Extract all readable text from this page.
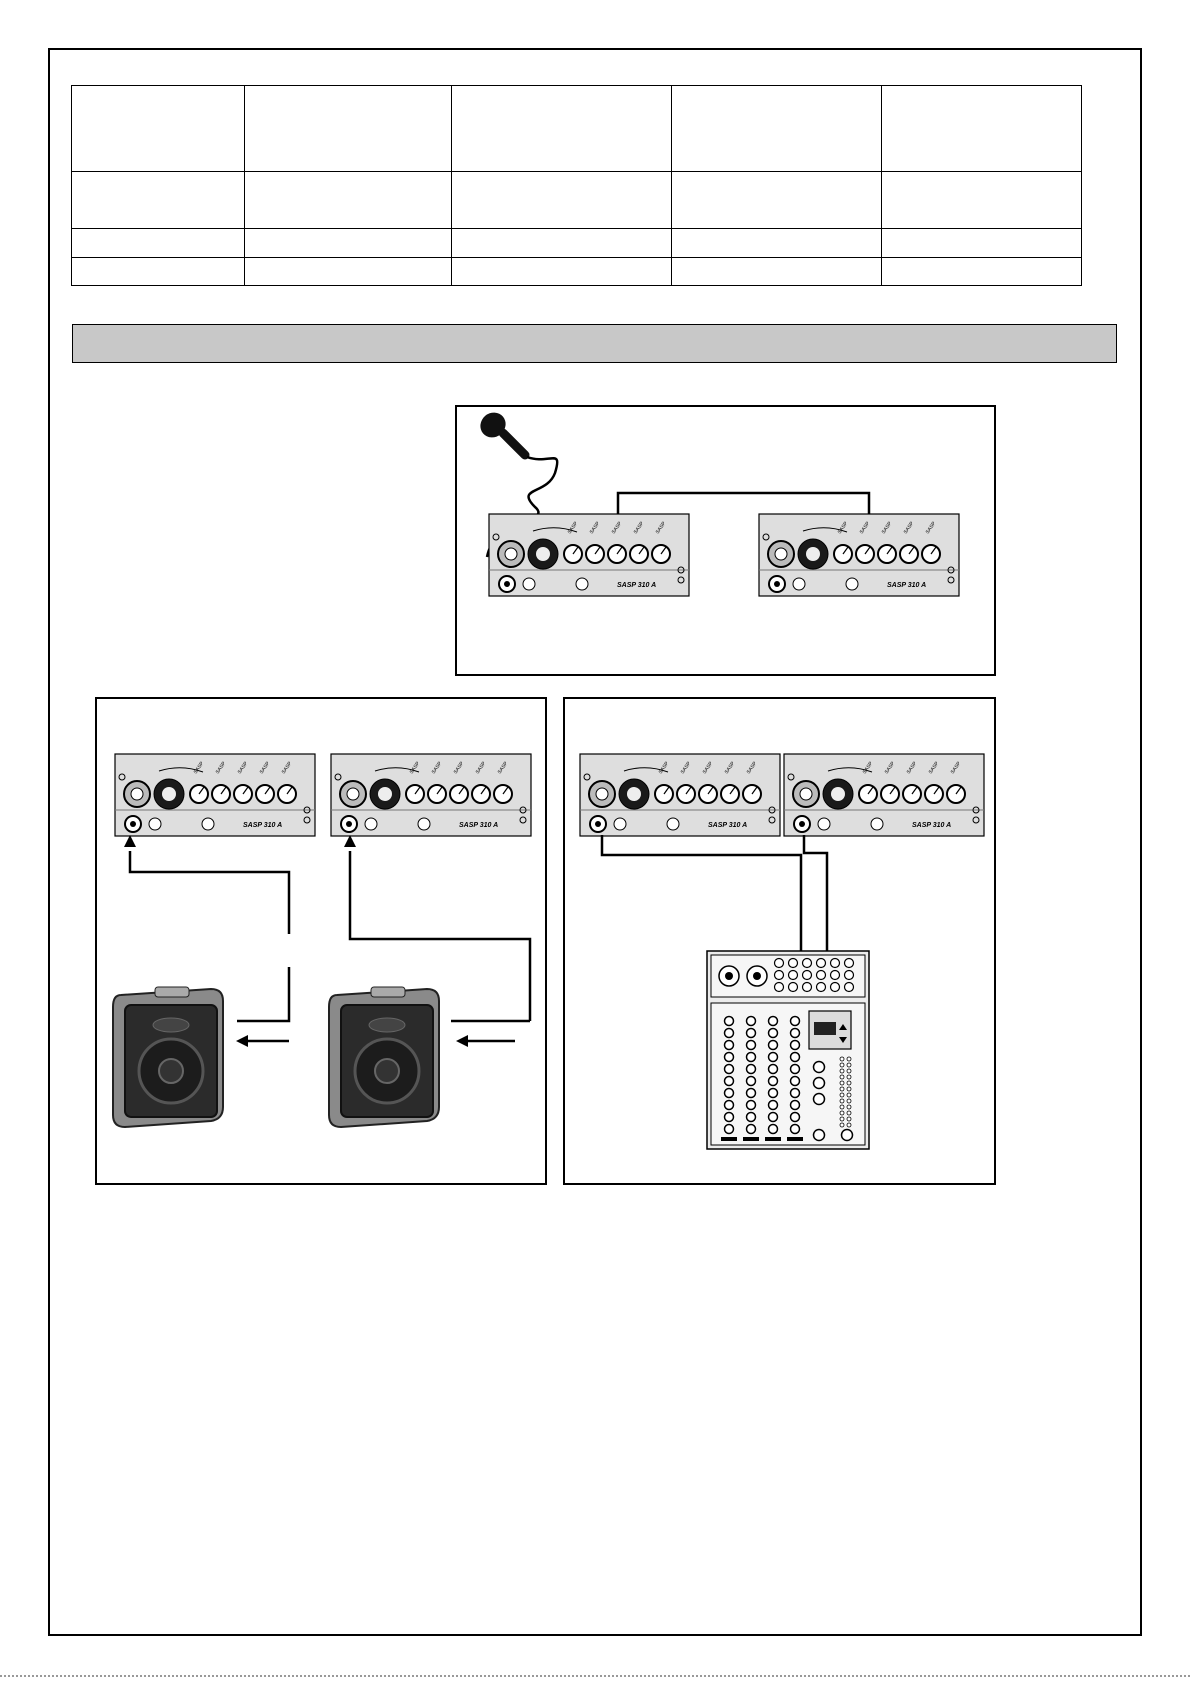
SASP SASP SASP SASP SASP
SASP 310 A
SASP SASP SASP SASP SASP
SASP 310 A
SASP SASP SASP SASP SASP
SASP 310 A
SASP SASP SASP SASP SASP
SASP 310 A
SASP SASP SASP SASP SASP
SASP 310 A
SASP SASP SASP SASP SASP
SASP 310 A
